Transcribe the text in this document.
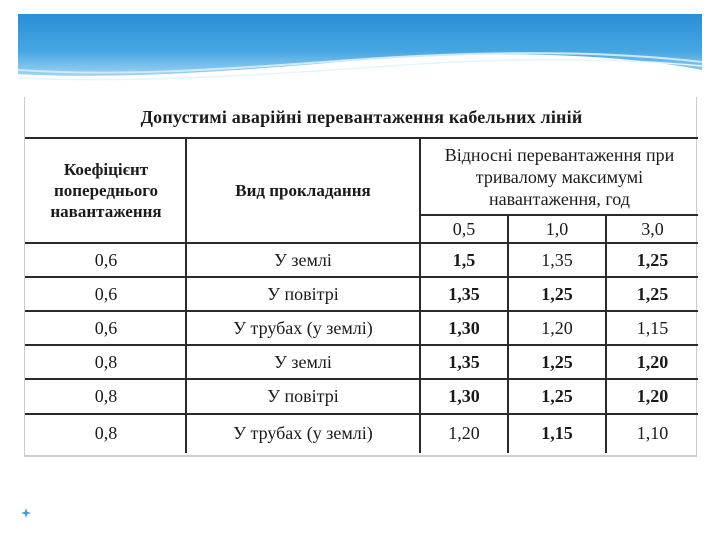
Допустимі аварійні перевантаження кабельних ліній
Коефіцієнт
попереднього
навантаження
Вид прокладання
Відносні перевантаження при
тривалому максимумі
навантаження, год
0,5	1,0	3,0
0,6	У землі	1,5	1,35	1,25
0,6	У повітрі	1,35	1,25	1,25
0,6	У трубах (у землі)	1,30	1,20	1,15
0,8	У землі	1,35	1,25	1,20
0,8	У повітрі	1,30	1,25	1,20
0,8	У трубах (у землі)	1,20	1,15	1,10
